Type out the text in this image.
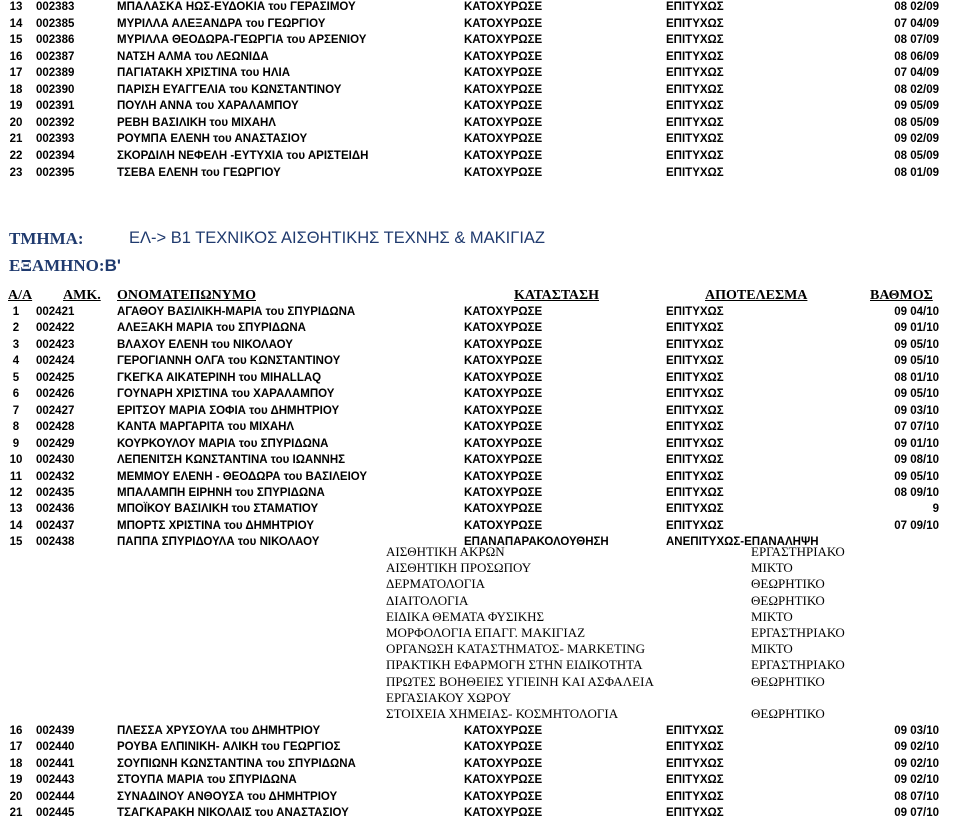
13	002383	ΜΠΑΛΑΣΚΑ ΗΩΣ-ΕΥΔΟΚΙΑ του ΓΕΡΑΣΙΜΟΥ	ΚΑΤΟΧΥΡΩΣΕ	ΕΠΙΤΥΧΩΣ	08 02/09
14	002385	ΜΥΡΙΛΛΑ ΑΛΕΞΑΝΔΡΑ του ΓΕΩΡΓΙΟΥ	ΚΑΤΟΧΥΡΩΣΕ	ΕΠΙΤΥΧΩΣ	07 04/09
15	002386	ΜΥΡΙΛΛΑ ΘΕΟΔΩΡΑ-ΓΕΩΡΓΙΑ του ΑΡΣΕΝΙΟΥ	ΚΑΤΟΧΥΡΩΣΕ	ΕΠΙΤΥΧΩΣ	08 07/09
16	002387	ΝΑΤΣΗ ΑΛΜΑ του ΛΕΩΝΙΔΑ	ΚΑΤΟΧΥΡΩΣΕ	ΕΠΙΤΥΧΩΣ	08 06/09
17	002389	ΠΑΓΙΑΤΑΚΗ ΧΡΙΣΤΙΝΑ του ΗΛΙΑ	ΚΑΤΟΧΥΡΩΣΕ	ΕΠΙΤΥΧΩΣ	07 04/09
18	002390	ΠΑΡΙΣΗ ΕΥΑΓΓΕΛΙΑ του ΚΩΝΣΤΑΝΤΙΝΟΥ	ΚΑΤΟΧΥΡΩΣΕ	ΕΠΙΤΥΧΩΣ	08 02/09
19	002391	ΠΟΥΛΗ ΑΝΝΑ του ΧΑΡΑΛΑΜΠΟΥ	ΚΑΤΟΧΥΡΩΣΕ	ΕΠΙΤΥΧΩΣ	09 05/09
20	002392	ΡΕΒΗ ΒΑΣΙΛΙΚΗ του ΜΙΧΑΗΛ	ΚΑΤΟΧΥΡΩΣΕ	ΕΠΙΤΥΧΩΣ	08 05/09
21	002393	ΡΟΥΜΠΑ ΕΛΕΝΗ του ΑΝΑΣΤΑΣΙΟΥ	ΚΑΤΟΧΥΡΩΣΕ	ΕΠΙΤΥΧΩΣ	09 02/09
22	002394	ΣΚΟΡΔΙΛΗ ΝΕΦΕΛΗ -ΕΥΤΥΧΙΑ του ΑΡΙΣΤΕΙΔΗ	ΚΑΤΟΧΥΡΩΣΕ	ΕΠΙΤΥΧΩΣ	08 05/09
23	002395	ΤΣΕΒΑ ΕΛΕΝΗ του ΓΕΩΡΓΙΟΥ	ΚΑΤΟΧΥΡΩΣΕ	ΕΠΙΤΥΧΩΣ	08 01/09
ΤΜΗΜΑ:	ΕΛ-> Β1 ΤΕΧΝΙΚΟΣ ΑΙΣΘΗΤΙΚΗΣ ΤΕΧΝΗΣ & ΜΑΚΙΓΙΑΖ
ΕΞΑΜΗΝΟ:Β'
Α/Α ΑΜΚ. ΟΝΟΜΑΤΕΠΩΝΥΜΟ	ΚΑΤΑΣΤΑΣΗ	ΑΠΟΤΕΛΕΣΜΑ	ΒΑΘΜΟΣ
1	002421	ΑΓΑΘΟΥ ΒΑΣΙΛΙΚΗ-ΜΑΡΙΑ του ΣΠΥΡΙΔΩΝΑ	ΚΑΤΟΧΥΡΩΣΕ	ΕΠΙΤΥΧΩΣ	09 04/10
2	002422	ΑΛΕΞΑΚΗ ΜΑΡΙΑ του ΣΠΥΡΙΔΩΝΑ	ΚΑΤΟΧΥΡΩΣΕ	ΕΠΙΤΥΧΩΣ	09 01/10
3	002423	ΒΛΑΧΟΥ ΕΛΕΝΗ του ΝΙΚΟΛΑΟΥ	ΚΑΤΟΧΥΡΩΣΕ	ΕΠΙΤΥΧΩΣ	09 05/10
4	002424	ΓΕΡΟΓΙΑΝΝΗ ΟΛΓΑ του ΚΩΝΣΤΑΝΤΙΝΟΥ	ΚΑΤΟΧΥΡΩΣΕ	ΕΠΙΤΥΧΩΣ	09 05/10
5	002425	ΓΚΕΓΚΑ ΑΙΚΑΤΕΡΙΝΗ του MIHALLAQ	ΚΑΤΟΧΥΡΩΣΕ	ΕΠΙΤΥΧΩΣ	08 01/10
6	002426	ΓΟΥΝΑΡΗ ΧΡΙΣΤΙΝΑ του ΧΑΡΑΛΑΜΠΟΥ	ΚΑΤΟΧΥΡΩΣΕ	ΕΠΙΤΥΧΩΣ	09 05/10
7	002427	ΕΡΙΤΣΟΥ ΜΑΡΙΑ ΣΟΦΙΑ του ΔΗΜΗΤΡΙΟΥ	ΚΑΤΟΧΥΡΩΣΕ	ΕΠΙΤΥΧΩΣ	09 03/10
8	002428	ΚΑΝΤΑ ΜΑΡΓΑΡΙΤΑ του ΜΙΧΑΗΛ	ΚΑΤΟΧΥΡΩΣΕ	ΕΠΙΤΥΧΩΣ	07 07/10
9	002429	ΚΟΥΡΚΟΥΛΟΥ ΜΑΡΙΑ του ΣΠΥΡΙΔΩΝΑ	ΚΑΤΟΧΥΡΩΣΕ	ΕΠΙΤΥΧΩΣ	09 01/10
10	002430	ΛΕΠΕΝΙΤΣΗ ΚΩΝΣΤΑΝΤΙΝΑ του ΙΩΑΝΝΗΣ	ΚΑΤΟΧΥΡΩΣΕ	ΕΠΙΤΥΧΩΣ	09 08/10
11	002432	ΜΕΜΜΟΥ ΕΛΕΝΗ - ΘΕΟΔΩΡΑ του ΒΑΣΙΛΕΙΟΥ	ΚΑΤΟΧΥΡΩΣΕ	ΕΠΙΤΥΧΩΣ	09 05/10
12	002435	ΜΠΑΛΑΜΠΗ ΕΙΡΗΝΗ του ΣΠΥΡΙΔΩΝΑ	ΚΑΤΟΧΥΡΩΣΕ	ΕΠΙΤΥΧΩΣ	08 09/10
13	002436	ΜΠΟΪΚΟΥ ΒΑΣΙΛΙΚΗ του ΣΤΑΜΑΤΙΟΥ	ΚΑΤΟΧΥΡΩΣΕ	ΕΠΙΤΥΧΩΣ	9
14	002437	ΜΠΟΡΤΣ ΧΡΙΣΤΙΝΑ του ΔΗΜΗΤΡΙΟΥ	ΚΑΤΟΧΥΡΩΣΕ	ΕΠΙΤΥΧΩΣ	07 09/10
15	002438	ΠΑΠΠΑ ΣΠΥΡΙΔΟΥΛΑ του ΝΙΚΟΛΑΟΥ	ΕΠΑΝΑΠΑΡΑΚΟΛΟΥΘΗΣΗ	ΑΝΕΠΙΤΥΧΩΣ-ΕΠΑΝΑΛΗΨΗ
ΑΙΣΘΗΤΙΚΗ ΑΚΡΩΝ	ΕΡΓΑΣΤΗΡΙΑΚΟ
ΑΙΣΘΗΤΙΚΗ ΠΡΟΣΩΠΟΥ	ΜΙΚΤΟ
ΔΕΡΜΑΤΟΛΟΓΙΑ	ΘΕΩΡΗΤΙΚΟ
ΔΙΑΙΤΟΛΟΓΙΑ	ΘΕΩΡΗΤΙΚΟ
ΕΙΔΙΚΑ ΘΕΜΑΤΑ ΦΥΣΙΚΗΣ	ΜΙΚΤΟ
ΜΟΡΦΟΛΟΓΙΑ ΕΠΑΓΓ. ΜΑΚΙΓΙΑΖ	ΕΡΓΑΣΤΗΡΙΑΚΟ
ΟΡΓΑΝΩΣΗ ΚΑΤΑΣΤΗΜΑΤΟΣ- MARKETING	ΜΙΚΤΟ
ΠΡΑΚΤΙΚΗ ΕΦΑΡΜΟΓΗ ΣΤΗΝ ΕΙΔΙΚΟΤΗΤΑ	ΕΡΓΑΣΤΗΡΙΑΚΟ
ΠΡΩΤΕΣ ΒΟΗΘΕΙΕΣ ΥΓΙΕΙΝΗ ΚΑΙ ΑΣΦΑΛΕΙΑ	ΘΕΩΡΗΤΙΚΟ
ΕΡΓΑΣΙΑΚΟΥ ΧΩΡΟΥ
ΣΤΟΙΧΕΙΑ ΧΗΜΕΙΑΣ- ΚΟΣΜΗΤΟΛΟΓΙΑ	ΘΕΩΡΗΤΙΚΟ
16	002439	ΠΛΕΣΣΑ ΧΡΥΣΟΥΛΑ του ΔΗΜΗΤΡΙΟΥ	ΚΑΤΟΧΥΡΩΣΕ	ΕΠΙΤΥΧΩΣ	09 03/10
17	002440	ΡΟΥΒΑ ΕΛΠΙΝΙΚΗ- ΑΛΙΚΗ του ΓΕΩΡΓΙΟΣ	ΚΑΤΟΧΥΡΩΣΕ	ΕΠΙΤΥΧΩΣ	09 02/10
18	002441	ΣΟΥΠΙΩΝΗ ΚΩΝΣΤΑΝΤΙΝΑ του ΣΠΥΡΙΔΩΝΑ	ΚΑΤΟΧΥΡΩΣΕ	ΕΠΙΤΥΧΩΣ	09 02/10
19	002443	ΣΤΟΥΠΑ ΜΑΡΙΑ του ΣΠΥΡΙΔΩΝΑ	ΚΑΤΟΧΥΡΩΣΕ	ΕΠΙΤΥΧΩΣ	09 02/10
20	002444	ΣΥΝΑΔΙΝΟΥ ΑΝΘΟΥΣΑ του ΔΗΜΗΤΡΙΟΥ	ΚΑΤΟΧΥΡΩΣΕ	ΕΠΙΤΥΧΩΣ	08 07/10
21	002445	ΤΣΑΓΚΑΡΑΚΗ ΝΙΚΟΛΑΙΣ του ΑΝΑΣΤΑΣΙΟΥ	ΚΑΤΟΧΥΡΩΣΕ	ΕΠΙΤΥΧΩΣ	09 07/10
